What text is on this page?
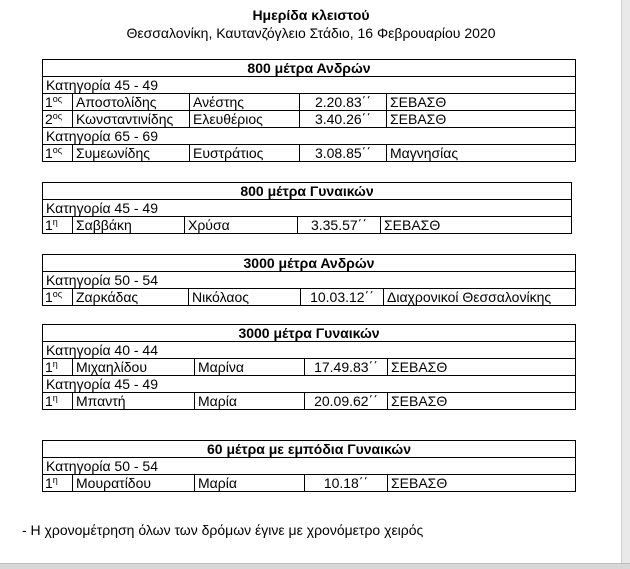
Ημερίδα κλειστού
Θεσσαλονίκη, Καυτανζόγλειο Στάδιο, 16 Φεβρουαρίου 2020
800 μέτρα Ανδρών				
Κατηγορία 45 - 49				
$1^{o\varsigma}$	Αποστολίδης	Ανέστης	2.20.83΄΄	ΣΕΒΑΣΘ
$2^{o\varsigma}$	Κωνσταντινίδης	Ελευθέριος	3.40.26΄΄	ΣΕΒΑΣΘ
Κατηγορία 65 - 69				
$1^{o\varsigma}$	Συμεωνίδης	Ευστράτιος	3.08.85΄΄	Μαγνησίας
800 μέτρα Γυναικών
Κατηγορία 45 - 49
$1^\eta$	Σαββάκη	Χρύσα	3.35.57΄΄	ΣΕΒΑΣΘ
3000 μέτρα Ανδρών
Κατηγορία 50 - 54
$1^{o\varsigma}$	Ζαρκάδας	Νικόλαος	10.03.12΄΄	Διαχρονικοί Θεσσαλονίκης
3000 μέτρα Γυναικών				
Κατηγορία 40 - 44				
$1^\eta$	Μιχαηλίδου	Μαρίνα	17.49.83΄΄	ΣΕΒΑΣΘ
Κατηγορία 45 - 49				
$1^\eta$	Μπαντή	Μαρία	20.09.62΄΄	ΣΕΒΑΣΘ
60 μέτρα με εμπόδια Γυναικών
Κατηγορία 50 - 54
$1^\eta$	Μουρατίδου	Μαρία	10.18΄΄	ΣΕΒΑΣΘ
- Η χρονομέτρηση όλων των δρόμων έγινε με χρονόμετρο χειρός
